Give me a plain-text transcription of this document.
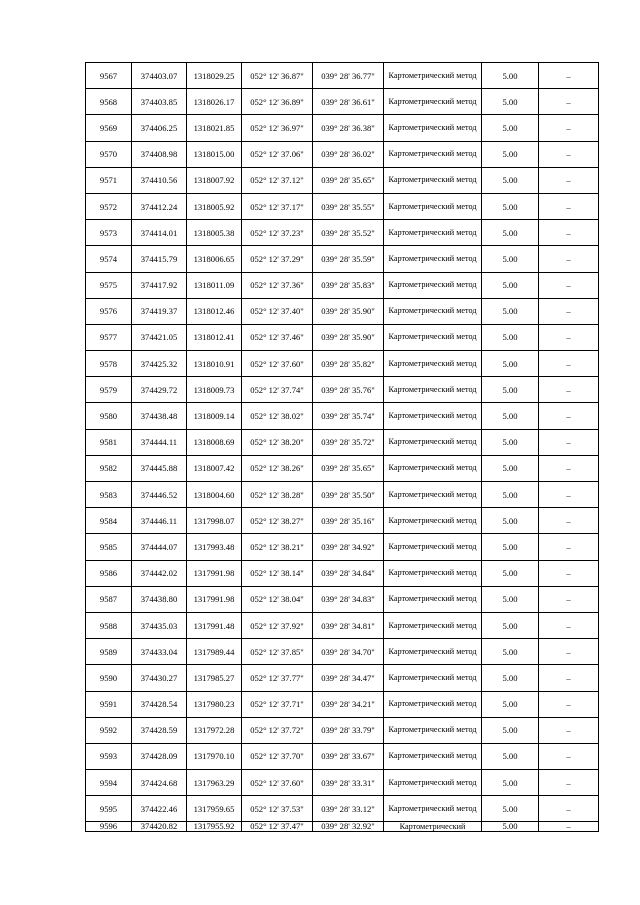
9567	374403.07	1318029.25	052° 12' 36.87"	039° 28' 36.77"	Картометрический метод	5.00	–
9568	374403.85	1318026.17	052° 12' 36.89"	039° 28' 36.61"	Картометрический метод	5.00	–
9569	374406.25	1318021.85	052° 12' 36.97"	039° 28' 36.38"	Картометрический метод	5.00	–
9570	374408.98	1318015.00	052° 12' 37.06"	039° 28' 36.02"	Картометрический метод	5.00	–
9571	374410.56	1318007.92	052° 12' 37.12"	039° 28' 35.65"	Картометрический метод	5.00	–
9572	374412.24	1318005.92	052° 12' 37.17"	039° 28' 35.55"	Картометрический метод	5.00	–
9573	374414.01	1318005.38	052° 12' 37.23"	039° 28' 35.52"	Картометрический метод	5.00	–
9574	374415.79	1318006.65	052° 12' 37.29"	039° 28' 35.59"	Картометрический метод	5.00	–
9575	374417.92	1318011.09	052° 12' 37.36"	039° 28' 35.83"	Картометрический метод	5.00	–
9576	374419.37	1318012.46	052° 12' 37.40"	039° 28' 35.90"	Картометрический метод	5.00	–
9577	374421.05	1318012.41	052° 12' 37.46"	039° 28' 35.90"	Картометрический метод	5.00	–
9578	374425.32	1318010.91	052° 12' 37.60"	039° 28' 35.82"	Картометрический метод	5.00	–
9579	374429.72	1318009.73	052° 12' 37.74"	039° 28' 35.76"	Картометрический метод	5.00	–
9580	374438.48	1318009.14	052° 12' 38.02"	039° 28' 35.74"	Картометрический метод	5.00	–
9581	374444.11	1318008.69	052° 12' 38.20"	039° 28' 35.72"	Картометрический метод	5.00	–
9582	374445.88	1318007.42	052° 12' 38.26"	039° 28' 35.65"	Картометрический метод	5.00	–
9583	374446.52	1318004.60	052° 12' 38.28"	039° 28' 35.50"	Картометрический метод	5.00	–
9584	374446.11	1317998.07	052° 12' 38.27"	039° 28' 35.16"	Картометрический метод	5.00	–
9585	374444.07	1317993.48	052° 12' 38.21"	039° 28' 34.92"	Картометрический метод	5.00	–
9586	374442.02	1317991.98	052° 12' 38.14"	039° 28' 34.84"	Картометрический метод	5.00	–
9587	374438.80	1317991.98	052° 12' 38.04"	039° 28' 34.83"	Картометрический метод	5.00	–
9588	374435.03	1317991.48	052° 12' 37.92"	039° 28' 34.81"	Картометрический метод	5.00	–
9589	374433.04	1317989.44	052° 12' 37.85"	039° 28' 34.70"	Картометрический метод	5.00	–
9590	374430.27	1317985.27	052° 12' 37.77"	039° 28' 34.47"	Картометрический метод	5.00	–
9591	374428.54	1317980.23	052° 12' 37.71"	039° 28' 34.21"	Картометрический метод	5.00	–
9592	374428.59	1317972.28	052° 12' 37.72"	039° 28' 33.79"	Картометрический метод	5.00	–
9593	374428.09	1317970.10	052° 12' 37.70"	039° 28' 33.67"	Картометрический метод	5.00	–
9594	374424.68	1317963.29	052° 12' 37.60"	039° 28' 33.31"	Картометрический метод	5.00	–
9595	374422.46	1317959.65	052° 12' 37.53"	039° 28' 33.12"	Картометрический метод	5.00	–
9596	374420.82	1317955.92	052° 12' 37.47"	039° 28' 32.92"	Картометрический	5.00	–
